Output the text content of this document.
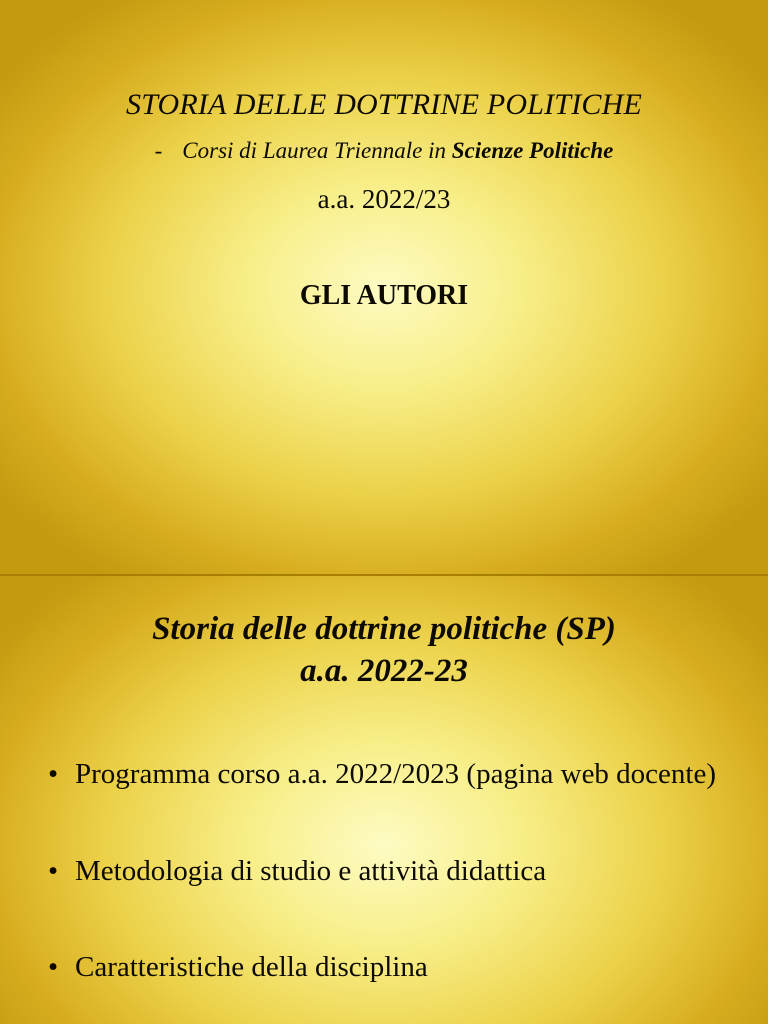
STORIA DELLE DOTTRINE POLITICHE
- Corsi di Laurea Triennale in Scienze Politiche
a.a. 2022/23
GLI AUTORI
Storia delle dottrine politiche (SP)
a.a. 2022-23
• Programma corso a.a. 2022/2023 (pagina web docente)
• Metodologia di studio e attività didattica
• Caratteristiche della disciplina
